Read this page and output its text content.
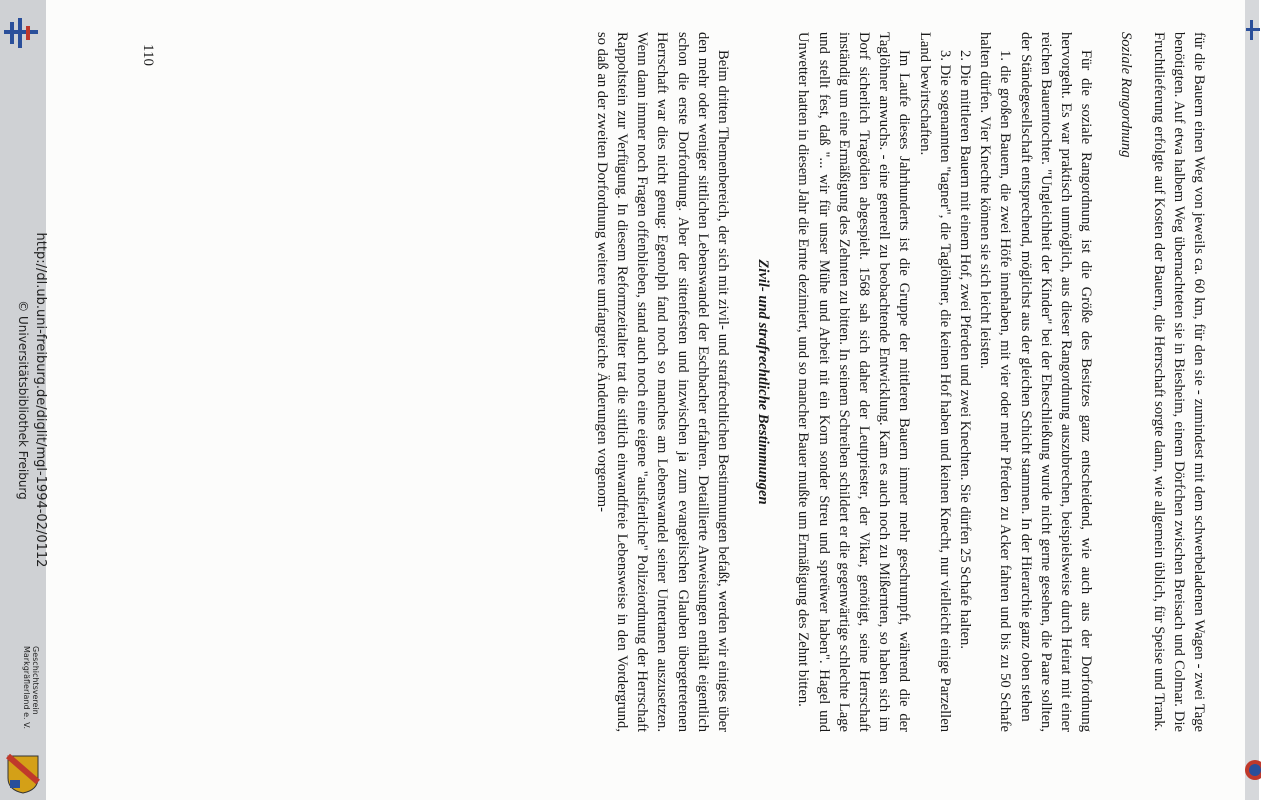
für die Bauern einen Weg von jeweils ca. 60 km, für den sie - zumindest mit dem schwerbeladenen Wagen - zwei Tage benötigten. Auf etwa halbem Weg übernachteten sie in Biesheim, einem Dörfchen zwischen Breisach und Colmar. Die Fruchtlieferung erfolgte auf Kosten der Bauern, die Herrschaft sorgte dann, wie allgemein üblich, für Speise und Trank.

Soziale Rangordnung

Für die soziale Rangordnung ist die Größe des Besitzes ganz entscheidend, wie auch aus der Dorfordnung hervorgeht. Es war praktisch unmöglich, aus dieser Rangordnung auszubrechen, beispielsweise durch Heirat mit einer reichen Bauerntochter. "Ungleichheit der Kinder" bei der Eheschließung wurde nicht gerne gesehen, die Paare sollten, der Ständegesellschaft entsprechend, möglichst aus der gleichen Schicht stammen. In der Hierarchie ganz oben stehen

1. die großen Bauern, die zwei Höfe innehaben, mit vier oder mehr Pferden zu Acker fahren und bis zu 50 Schafe halten dürfen. Vier Knechte können sie sich leicht leisten.

2. Die mittleren Bauern mit einem Hof, zwei Pferden und zwei Knechten. Sie dürfen 25 Schafe halten.

3. Die sogenannten "tagner", die Taglöhner, die keinen Hof haben und keinen Knecht, nur vielleicht einige Parzellen Land bewirtschaften.

Im Laufe dieses Jahrhunderts ist die Gruppe der mittleren Bauern immer mehr geschrumpft, während die der Taglöhner anwuchs. - eine generell zu beobachtende Entwicklung. Kam es auch noch zu Mißernten, so haben sich im Dorf sicherlich Tragödien abgespielt. 1568 sah sich daher der Leutpriester, der Vikar, genötigt, seine Herrschaft inständig um eine Ermäßigung des Zehnten zu bitten. In seinem Schreiben schildert er die gegenwärtige schlechte Lage und stellt fest, daß "... wir für unser Mühe und Arbeit nit ein Korn sonder Streu und spreüwer haben". Hagel und Unwetter hatten in diesem Jahr die Ernte dezimiert, und so mancher Bauer mußte um Ermäßigung des Zehnt bitten.

Zivil- und strafrechtliche Bestimmungen

Beim dritten Themenbereich, der sich mit zivil- und strafrechtlichen Bestimmungen befaßt, werden wir einiges über den mehr oder weniger sittlichen Lebenswandel der Eschbacher erfahren. Detaillierte Anweisungen enthält eigentlich schon die erste Dorfordnung. Aber der sittenfesten und inzwischen ja zum evangelischen Glauben übergetretenen Herrschaft war dies nicht genug: Egenolph fand noch so manches am Lebenswandel seiner Untertanen auszusetzen. Wenn dann immer noch Fragen offenblieben, stand auch noch eine eigene "ausfierliche" Polizeiordnung der Herrschaft Rappoltstein zur Verfügung. In diesem Reformzeitalter trat die sittlich einwandfreie Lebensweise in den Vordergrund, so daß an der zweiten Dorfordnung weitere umfangreiche Änderungen vorgenom-

110
http://dl.ub.uni-freiburg.de/diglit/mgl-1994-02/0112
© Universitätsbibliothek Freiburg
Geschichtsverein Markgräflerland e. V.
